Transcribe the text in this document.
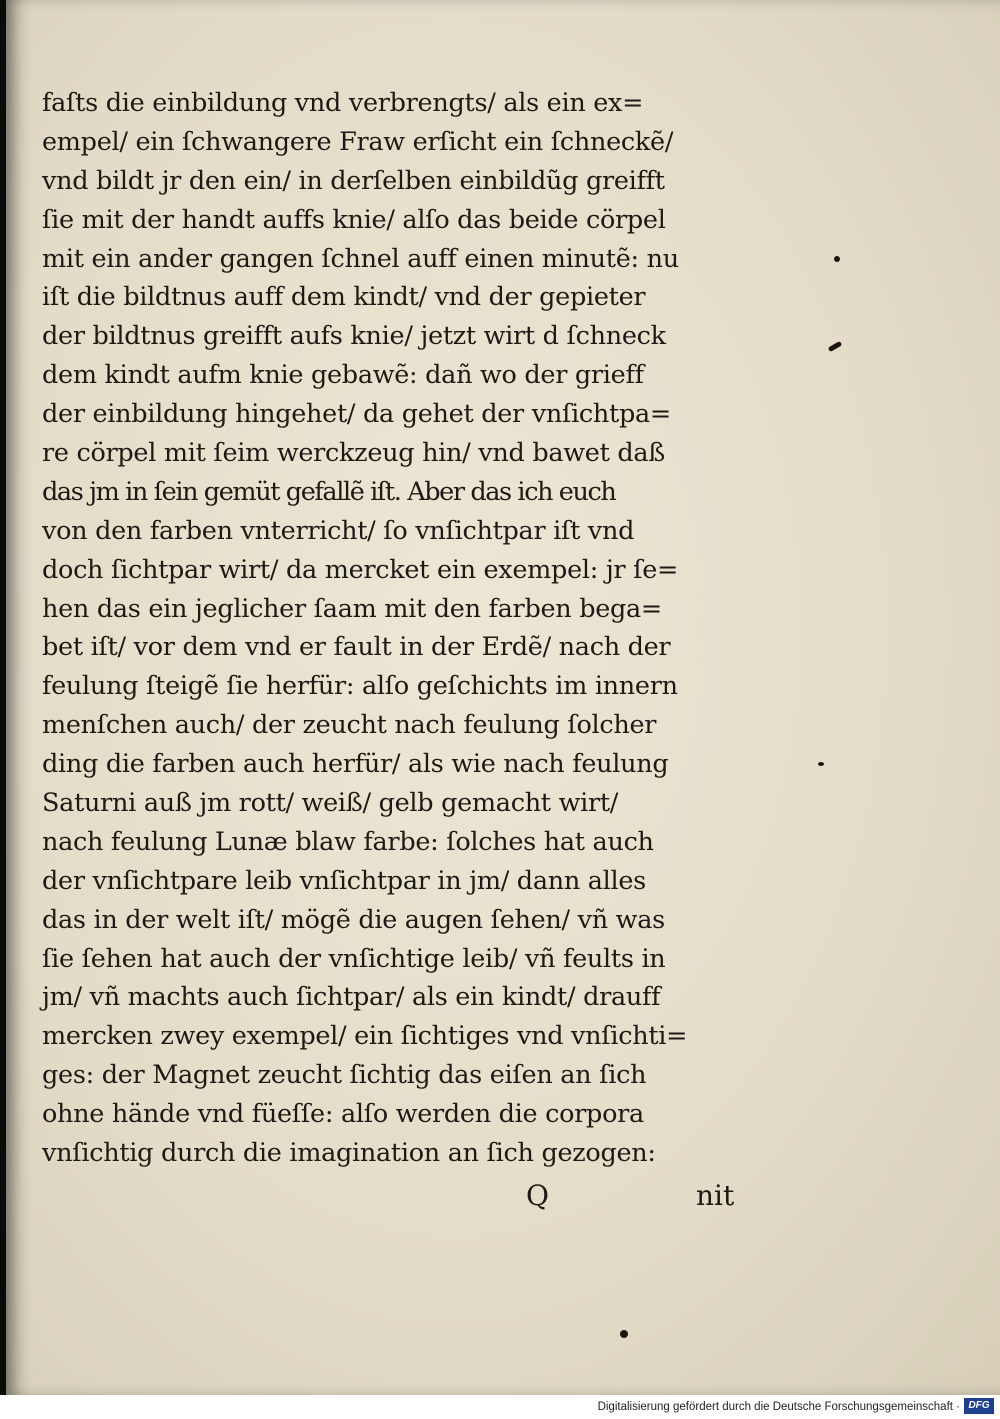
faſts die einbildung vnd verbrengts/ als ein ex=
empel/ ein ſchwangere Fraw erſicht ein ſchneckẽ/
vnd bildt jr den ein/ in derſelben einbildũg greifft
ſie mit der handt auffs knie/ alſo das beide cörpel
mit ein ander gangen ſchnel auff einen minutẽ: nu
iſt die bildtnus auff dem kindt/ vnd der gepieter
der bildtnus greifft aufs knie/ jetzt wirt d ſchneck
dem kindt aufm knie gebawẽ: dañ wo der grieff
der einbildung hingehet/ da gehet der vnſichtpa=
re cörpel mit ſeim werckzeug hin/ vnd bawet daß
das jm in ſein gemüt gefallẽ iſt. Aber das ich euch
von den farben vnterricht/ ſo vnſichtpar iſt vnd
doch ſichtpar wirt/ da mercket ein exempel: jr ſe=
hen das ein jeglicher ſaam mit den farben bega=
bet iſt/ vor dem vnd er fault in der Erdẽ/ nach der
feulung ſteigẽ ſie herfür: alſo geſchichts im innern
menſchen auch/ der zeucht nach feulung ſolcher
ding die farben auch herfür/ als wie nach feulung
Saturni auß jm rott/ weiß/ gelb gemacht wirt/
nach feulung Lunæ blaw farbe: ſolches hat auch
der vnſichtpare leib vnſichtpar in jm/ dann alles
das in der welt iſt/ mögẽ die augen ſehen/ vñ was
ſie ſehen hat auch der vnſichtige leib/ vñ feults in
jm/ vñ machts auch ſichtpar/ als ein kindt/ drauff
mercken zwey exempel/ ein ſichtiges vnd vnſichti=
ges: der Magnet zeucht ſichtig das eiſen an ſich
ohne hände vnd füeſſe: alſo werden die corpora
vnſichtig durch die imagination an ſich gezogen:
Q	nit
Digitalisierung gefördert durch die Deutsche Forschungsgemeinschaft · DFG
